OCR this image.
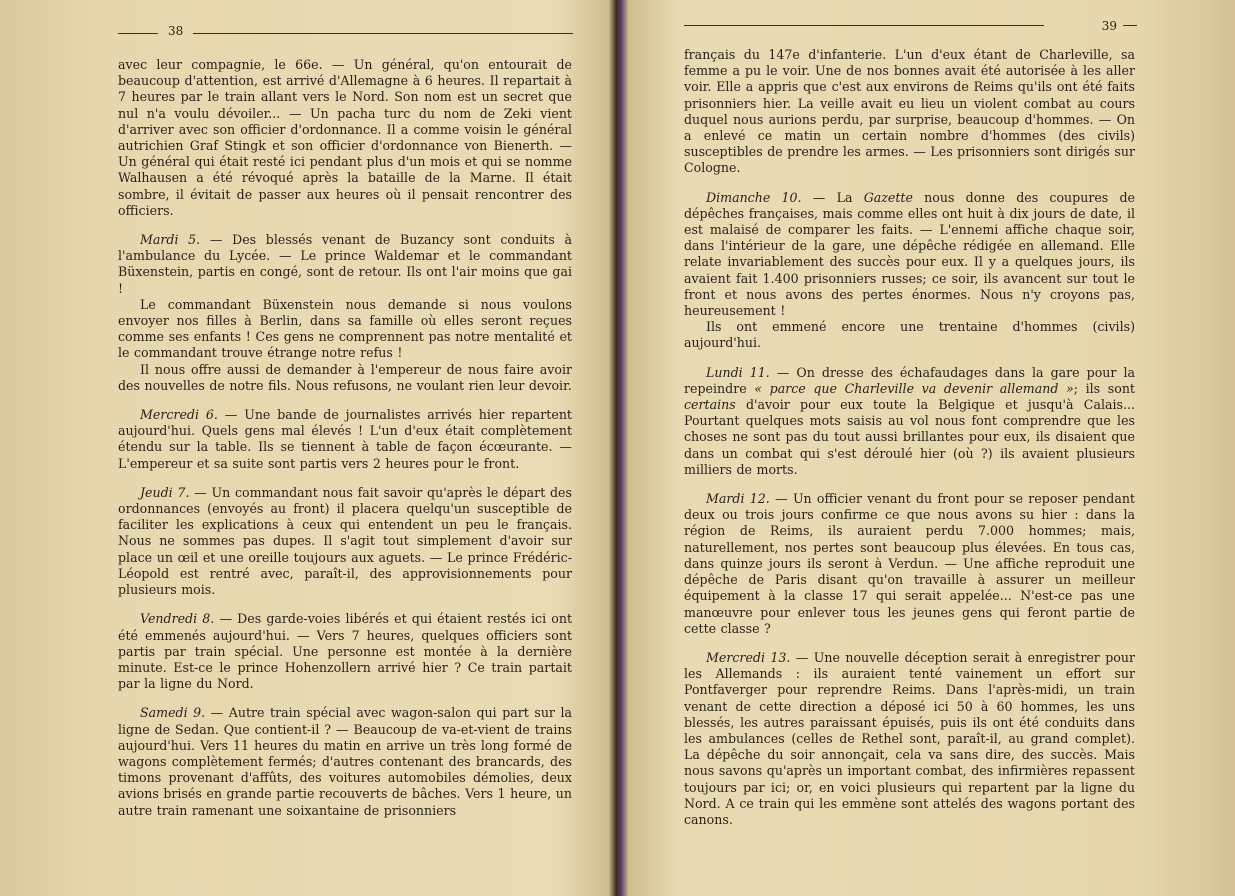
38

avec leur compagnie, le 66e. — Un général, qu'on entourait de beaucoup d'attention, est arrivé d'Allemagne à 6 heures. Il repartait à 7 heures par le train allant vers le Nord. Son nom est un secret que nul n'a voulu dévoiler... — Un pacha turc du nom de Zeki vient d'arriver avec son officier d'ordonnance. Il a comme voisin le général autrichien Graf Stingk et son officier d'ordonnance von Bienerth. — Un général qui était resté ici pendant plus d'un mois et qui se nomme Walhausen a été révoqué après la bataille de la Marne. Il était sombre, il évitait de passer aux heures où il pensait rencontrer des officiers.

Mardi 5. — Des blessés venant de Buzancy sont conduits à l'ambulance du Lycée. — Le prince Waldemar et le commandant Büxenstein, partis en congé, sont de retour. Ils ont l'air moins que gai !

Le commandant Büxenstein nous demande si nous voulons envoyer nos filles à Berlin, dans sa famille où elles seront reçues comme ses enfants ! Ces gens ne comprennent pas notre mentalité et le commandant trouve étrange notre refus !

Il nous offre aussi de demander à l'empereur de nous faire avoir des nouvelles de notre fils. Nous refusons, ne voulant rien leur devoir.

Mercredi 6. — Une bande de journalistes arrivés hier repartent aujourd'hui. Quels gens mal élevés ! L'un d'eux était complètement étendu sur la table. Ils se tiennent à table de façon écœurante. — L'empereur et sa suite sont partis vers 2 heures pour le front.

Jeudi 7. — Un commandant nous fait savoir qu'après le départ des ordonnances (envoyés au front) il placera quelqu'un susceptible de faciliter les explications à ceux qui entendent un peu le français. Nous ne sommes pas dupes. Il s'agit tout simplement d'avoir sur place un œil et une oreille toujours aux aguets. — Le prince Frédéric-Léopold est rentré avec, paraît-il, des approvisionnements pour plusieurs mois.

Vendredi 8. — Des garde-voies libérés et qui étaient restés ici ont été emmenés aujourd'hui. — Vers 7 heures, quelques officiers sont partis par train spécial. Une personne est montée à la dernière minute. Est-ce le prince Hohenzollern arrivé hier ? Ce train partait par la ligne du Nord.

Samedi 9. — Autre train spécial avec wagon-salon qui part sur la ligne de Sedan. Que contient-il ? — Beaucoup de va-et-vient de trains aujourd'hui. Vers 11 heures du matin en arrive un très long formé de wagons complètement fermés; d'autres contenant des brancards, des timons provenant d'affûts, des voitures automobiles démolies, deux avions brisés en grande partie recouverts de bâches. Vers 1 heure, un autre train ramenant une soixantaine de prisonniers

39

français du 147e d'infanterie. L'un d'eux étant de Charleville, sa femme a pu le voir. Une de nos bonnes avait été autorisée à les aller voir. Elle a appris que c'est aux environs de Reims qu'ils ont été faits prisonniers hier. La veille avait eu lieu un violent combat au cours duquel nous aurions perdu, par surprise, beaucoup d'hommes. — On a enlevé ce matin un certain nombre d'hommes (des civils) susceptibles de prendre les armes. — Les prisonniers sont dirigés sur Cologne.

Dimanche 10. — La Gazette nous donne des coupures de dépêches françaises, mais comme elles ont huit à dix jours de date, il est malaisé de comparer les faits. — L'ennemi affiche chaque soir, dans l'intérieur de la gare, une dépêche rédigée en allemand. Elle relate invariablement des succès pour eux. Il y a quelques jours, ils avaient fait 1.400 prisonniers russes; ce soir, ils avancent sur tout le front et nous avons des pertes énormes. Nous n'y croyons pas, heureusement !

Ils ont emmené encore une trentaine d'hommes (civils) aujourd'hui.

Lundi 11. — On dresse des échafaudages dans la gare pour la repeindre « parce que Charleville va devenir allemand »; ils sont certains d'avoir pour eux toute la Belgique et jusqu'à Calais... Pourtant quelques mots saisis au vol nous font comprendre que les choses ne sont pas du tout aussi brillantes pour eux, ils disaient que dans un combat qui s'est déroulé hier (où ?) ils avaient plusieurs milliers de morts.

Mardi 12. — Un officier venant du front pour se reposer pendant deux ou trois jours confirme ce que nous avons su hier : dans la région de Reims, ils auraient perdu 7.000 hommes; mais, naturellement, nos pertes sont beaucoup plus élevées. En tous cas, dans quinze jours ils seront à Verdun. — Une affiche reproduit une dépêche de Paris disant qu'on travaille à assurer un meilleur équipement à la classe 17 qui serait appelée... N'est-ce pas une manœuvre pour enlever tous les jeunes gens qui feront partie de cette classe ?

Mercredi 13. — Une nouvelle déception serait à enregistrer pour les Allemands : ils auraient tenté vainement un effort sur Pontfaverger pour reprendre Reims. Dans l'après-midi, un train venant de cette direction a déposé ici 50 à 60 hommes, les uns blessés, les autres paraissant épuisés, puis ils ont été conduits dans les ambulances (celles de Rethel sont, paraît-il, au grand complet). La dépêche du soir annonçait, cela va sans dire, des succès. Mais nous savons qu'après un important combat, des infirmières repassent toujours par ici; or, en voici plusieurs qui repartent par la ligne du Nord. A ce train qui les emmène sont attelés des wagons portant des canons.
